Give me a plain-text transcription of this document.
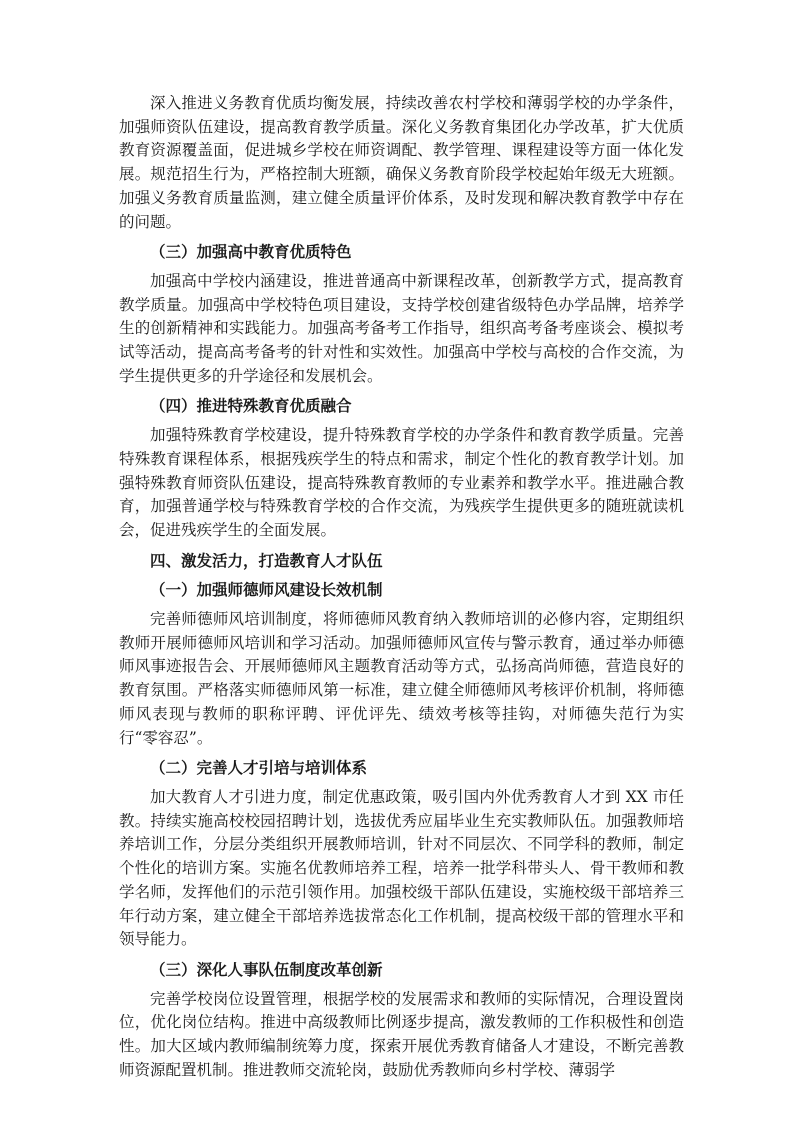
深入推进义务教育优质均衡发展，持续改善农村学校和薄弱学校的办学条件，加强师资队伍建设，提高教育教学质量。深化义务教育集团化办学改革，扩大优质教育资源覆盖面，促进城乡学校在师资调配、教学管理、课程建设等方面一体化发展。规范招生行为，严格控制大班额，确保义务教育阶段学校起始年级无大班额。加强义务教育质量监测，建立健全质量评价体系，及时发现和解决教育教学中存在的问题。

（三）加强高中教育优质特色

加强高中学校内涵建设，推进普通高中新课程改革，创新教学方式，提高教育教学质量。加强高中学校特色项目建设，支持学校创建省级特色办学品牌，培养学生的创新精神和实践能力。加强高考备考工作指导，组织高考备考座谈会、模拟考试等活动，提高高考备考的针对性和实效性。加强高中学校与高校的合作交流，为学生提供更多的升学途径和发展机会。

（四）推进特殊教育优质融合

加强特殊教育学校建设，提升特殊教育学校的办学条件和教育教学质量。完善特殊教育课程体系，根据残疾学生的特点和需求，制定个性化的教育教学计划。加强特殊教育师资队伍建设，提高特殊教育教师的专业素养和教学水平。推进融合教育，加强普通学校与特殊教育学校的合作交流，为残疾学生提供更多的随班就读机会，促进残疾学生的全面发展。

四、激发活力，打造教育人才队伍
（一）加强师德师风建设长效机制

完善师德师风培训制度，将师德师风教育纳入教师培训的必修内容，定期组织教师开展师德师风培训和学习活动。加强师德师风宣传与警示教育，通过举办师德师风事迹报告会、开展师德师风主题教育活动等方式，弘扬高尚师德，营造良好的教育氛围。严格落实师德师风第一标准，建立健全师德师风考核评价机制，将师德师风表现与教师的职称评聘、评优评先、绩效考核等挂钩，对师德失范行为实行“零容忍”。

（二）完善人才引培与培训体系

加大教育人才引进力度，制定优惠政策，吸引国内外优秀教育人才到 XX 市任教。持续实施高校校园招聘计划，选拔优秀应届毕业生充实教师队伍。加强教师培养培训工作，分层分类组织开展教师培训，针对不同层次、不同学科的教师，制定个性化的培训方案。实施名优教师培养工程，培养一批学科带头人、骨干教师和教学名师，发挥他们的示范引领作用。加强校级干部队伍建设，实施校级干部培养三年行动方案，建立健全干部培养选拔常态化工作机制，提高校级干部的管理水平和领导能力。

（三）深化人事队伍制度改革创新

完善学校岗位设置管理，根据学校的发展需求和教师的实际情况，合理设置岗位，优化岗位结构。推进中高级教师比例逐步提高，激发教师的工作积极性和创造性。加大区域内教师编制统筹力度，探索开展优秀教育储备人才建设，不断完善教师资源配置机制。推进教师交流轮岗，鼓励优秀教师向乡村学校、薄弱学
